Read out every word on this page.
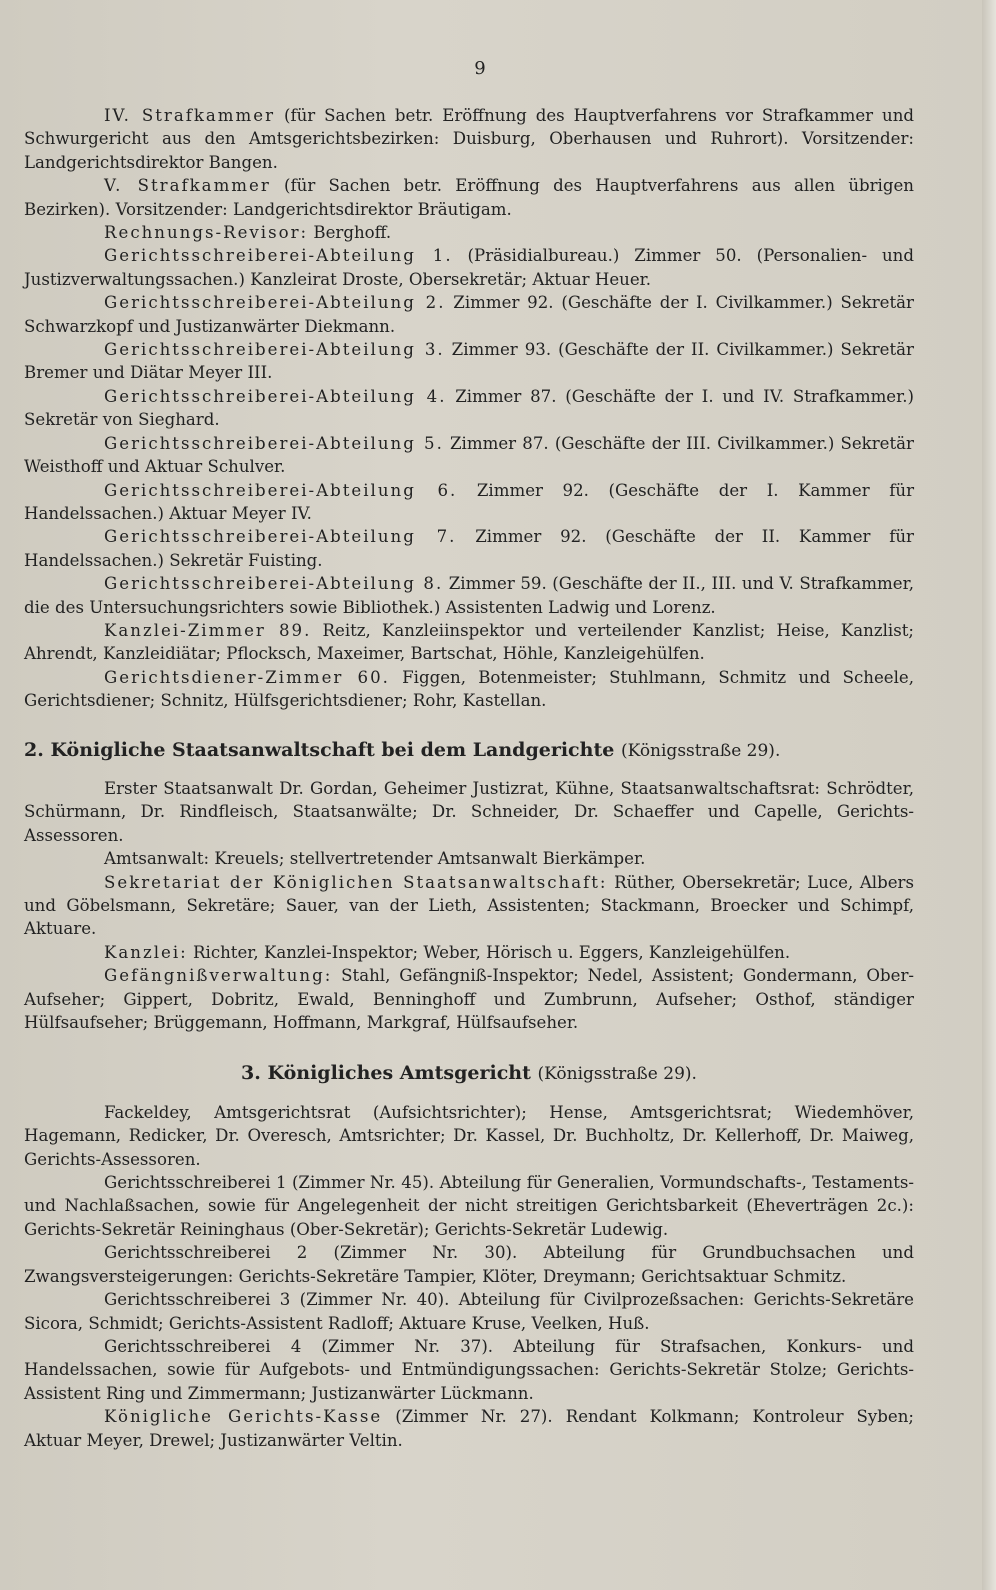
9

IV. Strafkammer (für Sachen betr. Eröffnung des Hauptverfahrens vor Strafkammer und Schwurgericht aus den Amtsgerichtsbezirken: Duisburg, Oberhausen und Ruhrort). Vorsitzender: Landgerichtsdirektor Bangen.

V. Strafkammer (für Sachen betr. Eröffnung des Hauptverfahrens aus allen übrigen Bezirken). Vorsitzender: Landgerichtsdirektor Bräutigam.

Rechnungs-Revisor: Berghoff.

Gerichtsschreiberei-Abteilung 1. (Präsidialbureau.) Zimmer 50. (Personalien- und Justizverwaltungssachen.) Kanzleirat Droste, Obersekretär; Aktuar Heuer.

Gerichtsschreiberei-Abteilung 2. Zimmer 92. (Geschäfte der I. Civilkammer.) Sekretär Schwarzkopf und Justizanwärter Diekmann.

Gerichtsschreiberei-Abteilung 3. Zimmer 93. (Geschäfte der II. Civilkammer.) Sekretär Bremer und Diätar Meyer III.

Gerichtsschreiberei-Abteilung 4. Zimmer 87. (Geschäfte der I. und IV. Strafkammer.) Sekretär von Sieghard.

Gerichtsschreiberei-Abteilung 5. Zimmer 87. (Geschäfte der III. Civilkammer.) Sekretär Weisthoff und Aktuar Schulver.

Gerichtsschreiberei-Abteilung 6. Zimmer 92. (Geschäfte der I. Kammer für Handelssachen.) Aktuar Meyer IV.

Gerichtsschreiberei-Abteilung 7. Zimmer 92. (Geschäfte der II. Kammer für Handelssachen.) Sekretär Fuisting.

Gerichtsschreiberei-Abteilung 8. Zimmer 59. (Geschäfte der II., III. und V. Strafkammer, die des Untersuchungsrichters sowie Bibliothek.) Assistenten Ladwig und Lorenz.

Kanzlei-Zimmer 89. Reitz, Kanzleiinspektor und verteilender Kanzlist; Heise, Kanzlist; Ahrendt, Kanzleidiätar; Pflocksch, Maxeimer, Bartschat, Höhle, Kanzleigehülfen.

Gerichtsdiener-Zimmer 60. Figgen, Botenmeister; Stuhlmann, Schmitz und Scheele, Gerichtsdiener; Schnitz, Hülfsgerichtsdiener; Rohr, Kastellan.

2. Königliche Staatsanwaltschaft bei dem Landgerichte (Königsstraße 29).

Erster Staatsanwalt Dr. Gordan, Geheimer Justizrat, Kühne, Staatsanwaltschaftsrat: Schrödter, Schürmann, Dr. Rindfleisch, Staatsanwälte; Dr. Schneider, Dr. Schaeffer und Capelle, Gerichts-Assessoren.

Amtsanwalt: Kreuels; stellvertretender Amtsanwalt Bierkämper.

Sekretariat der Königlichen Staatsanwaltschaft: Rüther, Obersekretär; Luce, Albers und Göbelsmann, Sekretäre; Sauer, van der Lieth, Assistenten; Stackmann, Broecker und Schimpf, Aktuare.

Kanzlei: Richter, Kanzlei-Inspektor; Weber, Hörisch u. Eggers, Kanzleigehülfen.

Gefängnißverwaltung: Stahl, Gefängniß-Inspektor; Nedel, Assistent; Gondermann, Ober-Aufseher; Gippert, Dobritz, Ewald, Benninghoff und Zumbrunn, Aufseher; Osthof, ständiger Hülfsaufseher; Brüggemann, Hoffmann, Markgraf, Hülfsaufseher.

3. Königliches Amtsgericht (Königsstraße 29).

Fackeldey, Amtsgerichtsrat (Aufsichtsrichter); Hense, Amtsgerichtsrat; Wiedemhöver, Hagemann, Redicker, Dr. Overesch, Amtsrichter; Dr. Kassel, Dr. Buchholtz, Dr. Kellerhoff, Dr. Maiweg, Gerichts-Assessoren.

Gerichtsschreiberei 1 (Zimmer Nr. 45). Abteilung für Generalien, Vormundschafts-, Testaments- und Nachlaßsachen, sowie für Angelegenheit der nicht streitigen Gerichtsbarkeit (Eheverträgen 2c.): Gerichts-Sekretär Reininghaus (Ober-Sekretär); Gerichts-Sekretär Ludewig.

Gerichtsschreiberei 2 (Zimmer Nr. 30). Abteilung für Grundbuchsachen und Zwangsversteigerungen: Gerichts-Sekretäre Tampier, Klöter, Dreymann; Gerichtsaktuar Schmitz.

Gerichtsschreiberei 3 (Zimmer Nr. 40). Abteilung für Civilprozeßsachen: Gerichts-Sekretäre Sicora, Schmidt; Gerichts-Assistent Radloff; Aktuare Kruse, Veelken, Huß.

Gerichtsschreiberei 4 (Zimmer Nr. 37). Abteilung für Strafsachen, Konkurs- und Handelssachen, sowie für Aufgebots- und Entmündigungssachen: Gerichts-Sekretär Stolze; Gerichts-Assistent Ring und Zimmermann; Justizanwärter Lückmann.

Königliche Gerichts-Kasse (Zimmer Nr. 27). Rendant Kolkmann; Kontroleur Syben; Aktuar Meyer, Drewel; Justizanwärter Veltin.
